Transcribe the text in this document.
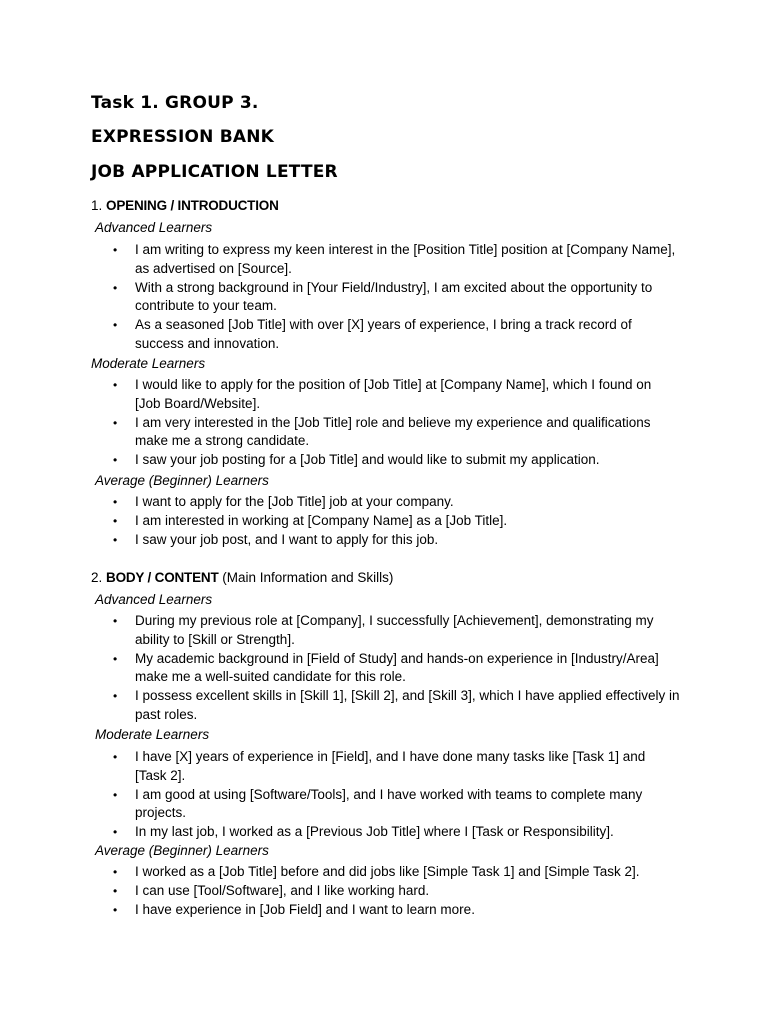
Task 1. GROUP 3.
EXPRESSION BANK
JOB APPLICATION LETTER

1. OPENING / INTRODUCTION

Advanced Learners

• I am writing to express my keen interest in the [Position Title] position at [Company Name], as advertised on [Source].
• With a strong background in [Your Field/Industry], I am excited about the opportunity to contribute to your team.
• As a seasoned [Job Title] with over [X] years of experience, I bring a track record of success and innovation.

Moderate Learners

• I would like to apply for the position of [Job Title] at [Company Name], which I found on [Job Board/Website].
• I am very interested in the [Job Title] role and believe my experience and qualifications make me a strong candidate.
• I saw your job posting for a [Job Title] and would like to submit my application.

Average (Beginner) Learners

• I want to apply for the [Job Title] job at your company.
• I am interested in working at [Company Name] as a [Job Title].
• I saw your job post, and I want to apply for this job.

2. BODY / CONTENT (Main Information and Skills)

Advanced Learners

• During my previous role at [Company], I successfully [Achievement], demonstrating my ability to [Skill or Strength].
• My academic background in [Field of Study] and hands-on experience in [Industry/Area] make me a well-suited candidate for this role.
• I possess excellent skills in [Skill 1], [Skill 2], and [Skill 3], which I have applied effectively in past roles.

Moderate Learners

• I have [X] years of experience in [Field], and I have done many tasks like [Task 1] and [Task 2].
• I am good at using [Software/Tools], and I have worked with teams to complete many projects.
• In my last job, I worked as a [Previous Job Title] where I [Task or Responsibility].

Average (Beginner) Learners

• I worked as a [Job Title] before and did jobs like [Simple Task 1] and [Simple Task 2].
• I can use [Tool/Software], and I like working hard.
• I have experience in [Job Field] and I want to learn more.
